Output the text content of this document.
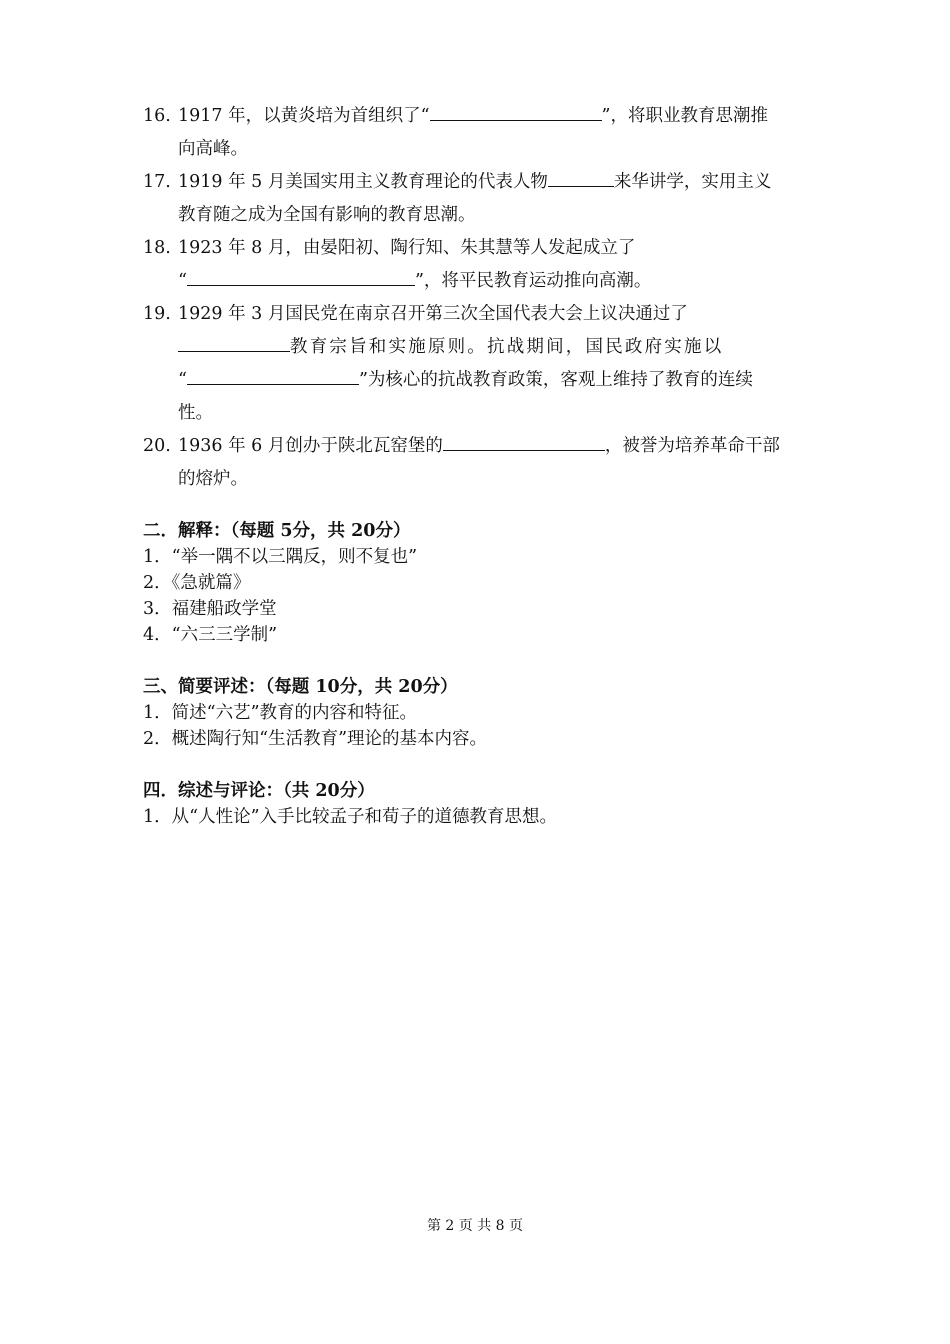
16. 1917 年，以黄炎培为首组织了“	”，将职业教育思潮推
向高峰。
17. 1919 年 5 月美国实用主义教育理论的代表人物	来华讲学，实用主义
教育随之成为全国有影响的教育思潮。
18. 1923 年 8 月，由晏阳初、陶行知、朱其慧等人发起成立了
“	”，将平民教育运动推向高潮。
19. 1929 年 3 月国民党在南京召开第三次全国代表大会上议决通过了
教育宗旨和实施原则。抗战期间，国民政府实施以
“	”为核心的抗战教育政策，客观上维持了教育的连续
性。
20. 1936 年 6 月创办于陕北瓦窑堡的	，被誉为培养革命干部
的熔炉。
二．解释：（每题 5分，共 20分）
1．“举一隅不以三隅反，则不复也”
2．《急就篇》
3．福建船政学堂
4．“六三三学制”
三、简要评述：（每题 10分，共 20分）
1．简述“六艺”教育的内容和特征。
2．概述陶行知“生活教育”理论的基本内容。
四．综述与评论：（共 20分）
1．从“人性论”入手比较孟子和荀子的道德教育思想。
第 2 页 共 8 页
